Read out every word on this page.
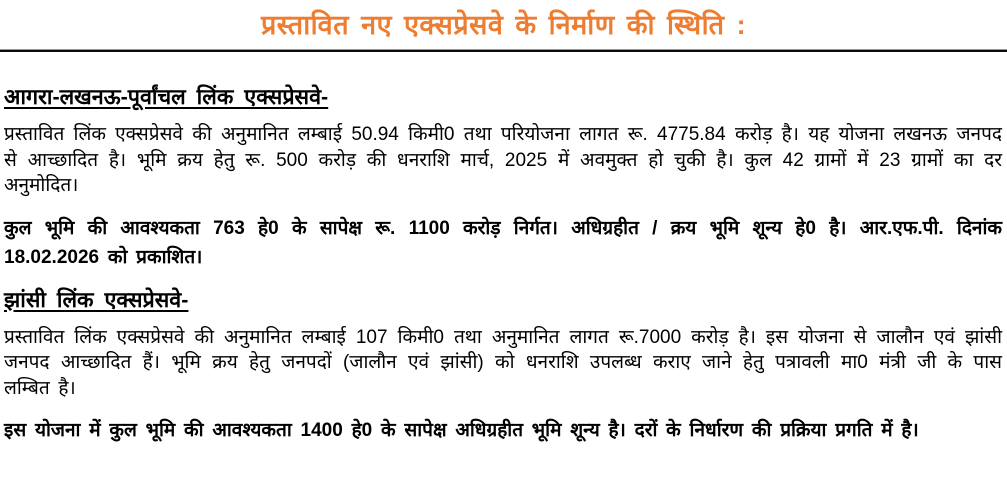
प्रस्तावित नए एक्सप्रेसवे के निर्माण की स्थिति :
आगरा-लखनऊ-पूर्वांचल लिंक एक्सप्रेसवे-

प्रस्तावित लिंक एक्सप्रेसवे की अनुमानित लम्बाई 50.94 किमी0 तथा परियोजना लागत रू. 4775.84 करोड़ है। यह योजना लखनऊ जनपद से आच्छादित है। भूमि क्रय हेतु रू. 500 करोड़ की धनराशि मार्च, 2025 में अवमुक्त हो चुकी है। कुल 42 ग्रामों में 23 ग्रामों का दर अनुमोदित।

कुल भूमि की आवश्यकता 763 हे0 के सापेक्ष रू. 1100 करोड़ निर्गत। अधिग्रहीत / क्रय भूमि शून्य हे0 है। आर.एफ.पी. दिनांक 18.02.2026 को प्रकाशित।

झांसी लिंक एक्सप्रेसवे-

प्रस्तावित लिंक एक्सप्रेसवे की अनुमानित लम्बाई 107 किमी0 तथा अनुमानित लागत रू.7000 करोड़ है। इस योजना से जालौन एवं झांसी जनपद आच्छादित हैं। भूमि क्रय हेतु जनपदों (जालौन एवं झांसी) को धनराशि उपलब्ध कराए जाने हेतु पत्रावली मा0 मंत्री जी के पास लम्बित है।

इस योजना में कुल भूमि की आवश्यकता 1400 हे0 के सापेक्ष अधिग्रहीत भूमि शून्य है। दरों के निर्धारण की प्रक्रिया प्रगति में है।
